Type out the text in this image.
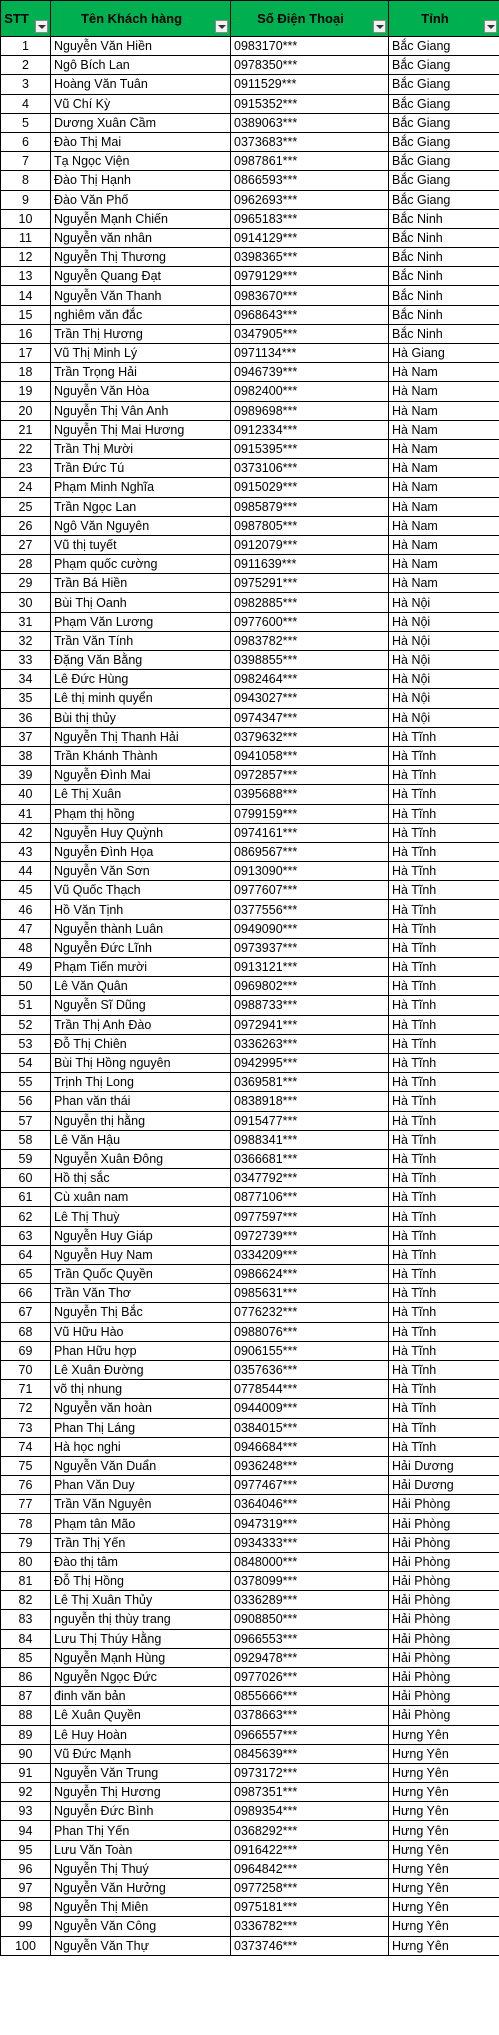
STT	Tên Khách hàng	Số Điện Thoại	Tỉnh

1	Nguyễn Văn Hiền	0983170***	Bắc Giang
2	Ngô Bích Lan	0978350***	Bắc Giang
3	Hoàng Văn Tuân	0911529***	Bắc Giang
4	Vũ Chí Kỳ	0915352***	Bắc Giang
5	Dương Xuân Cầm	0389063***	Bắc Giang
6	Đào Thị Mai	0373683***	Bắc Giang
7	Tạ Ngọc Viện	0987861***	Bắc Giang
8	Đào Thị Hạnh	0866593***	Bắc Giang
9	Đào Văn Phố	0962693***	Bắc Giang
10	Nguyễn Mạnh Chiến	0965183***	Bắc Ninh
11	Nguyễn văn nhân	0914129***	Bắc Ninh
12	Nguyễn Thị Thương	0398365***	Bắc Ninh
13	Nguyễn Quang Đạt	0979129***	Bắc Ninh
14	Nguyễn Văn Thanh	0983670***	Bắc Ninh
15	nghiêm văn đắc	0968643***	Bắc Ninh
16	Trần Thị Hương	0347905***	Bắc Ninh
17	Vũ Thị Minh Lý	0971134***	Hà Giang
18	Trần Trọng Hải	0946739***	Hà Nam
19	Nguyễn Văn Hòa	0982400***	Hà Nam
20	Nguyễn Thị Vân Anh	0989698***	Hà Nam
21	Nguyễn Thị Mai Hương	0912334***	Hà Nam
22	Trần Thị Mười	0915395***	Hà Nam
23	Trần Đức Tú	0373106***	Hà Nam
24	Phạm Minh Nghĩa	0915029***	Hà Nam
25	Trần Ngọc Lan	0985879***	Hà Nam
26	Ngô Văn Nguyên	0987805***	Hà Nam
27	Vũ thị tuyết	0912079***	Hà Nam
28	Phạm quốc cường	0911639***	Hà Nam
29	Trần Bá Hiền	0975291***	Hà Nam
30	Bùi Thị Oanh	0982885***	Hà Nội
31	Phạm Văn Lương	0977600***	Hà Nội
32	Trần Văn Tính	0983782***	Hà Nội
33	Đặng Văn Bằng	0398855***	Hà Nội
34	Lê Đức Hùng	0982464***	Hà Nội
35	Lê thị minh quyển	0943027***	Hà Nội
36	Bùi thị thủy	0974347***	Hà Nội
37	Nguyễn Thị Thanh Hải	0379632***	Hà Tĩnh
38	Trần Khánh Thành	0941058***	Hà Tĩnh
39	Nguyễn Đình Mai	0972857***	Hà Tĩnh
40	Lê Thị Xuân	0395688***	Hà Tĩnh
41	Phạm thị hồng	0799159***	Hà Tĩnh
42	Nguyễn Huy Quỳnh	0974161***	Hà Tĩnh
43	Nguyễn Đình Họa	0869567***	Hà Tĩnh
44	Nguyễn Văn Sơn	0913090***	Hà Tĩnh
45	Vũ Quốc Thạch	0977607***	Hà Tĩnh
46	Hồ Văn Tịnh	0377556***	Hà Tĩnh
47	Nguyễn thành Luân	0949090***	Hà Tĩnh
48	Nguyễn Đức Lĩnh	0973937***	Hà Tĩnh
49	Phạm Tiến mười	0913121***	Hà Tĩnh
50	Lê Văn Quân	0969802***	Hà Tĩnh
51	Nguyễn Sĩ Dũng	0988733***	Hà Tĩnh
52	Trần Thị Anh Đào	0972941***	Hà Tĩnh
53	Đỗ Thị Chiên	0336263***	Hà Tĩnh
54	Bùi Thị Hồng nguyên	0942995***	Hà Tĩnh
55	Trịnh Thị Long	0369581***	Hà Tĩnh
56	Phan văn thái	0838918***	Hà Tĩnh
57	Nguyễn thị hằng	0915477***	Hà Tĩnh
58	Lê Văn Hậu	0988341***	Hà Tĩnh
59	Nguyễn Xuân Đông	0366681***	Hà Tĩnh
60	Hồ thị sắc	0347792***	Hà Tĩnh
61	Cù xuân nam	0877106***	Hà Tĩnh
62	Lê Thị Thuỳ	0977597***	Hà Tĩnh
63	Nguyễn Huy Giáp	0972739***	Hà Tĩnh
64	Nguyễn Huy Nam	0334209***	Hà Tĩnh
65	Trần Quốc Quyền	0986624***	Hà Tĩnh
66	Trần Văn Thơ	0985631***	Hà Tĩnh
67	Nguyễn Thị Bắc	0776232***	Hà Tĩnh
68	Vũ Hữu Hào	0988076***	Hà Tĩnh
69	Phan Hữu hợp	0906155***	Hà Tĩnh
70	Lê Xuân Đường	0357636***	Hà Tĩnh
71	võ thị nhung	0778544***	Hà Tĩnh
72	Nguyễn văn hoàn	0944009***	Hà Tĩnh
73	Phan Thị Láng	0384015***	Hà Tĩnh
74	Hà học nghi	0946684***	Hà Tĩnh
75	Nguyễn Văn Duẩn	0936248***	Hải Dương
76	Phan Văn Duy	0977467***	Hải Dương
77	Trần Văn Nguyên	0364046***	Hải Phòng
78	Phạm tân Mão	0947319***	Hải Phòng
79	Trần Thị Yến	0934333***	Hải Phòng
80	Đào thị tâm	0848000***	Hải Phòng
81	Đỗ Thị Hồng	0378099***	Hải Phòng
82	Lê Thị Xuân Thủy	0336289***	Hải Phòng
83	nguyễn thị thùy trang	0908850***	Hải Phòng
84	Lưu Thị Thúy Hằng	0966553***	Hải Phòng
85	Nguyễn Mạnh Hùng	0929478***	Hải Phòng
86	Nguyễn Ngọc Đức	0977026***	Hải Phòng
87	đinh văn bản	0855666***	Hải Phòng
88	Lê Xuân Quyền	0378663***	Hải Phòng
89	Lê Huy Hoàn	0966557***	Hưng Yên
90	Vũ Đức Mạnh	0845639***	Hưng Yên
91	Nguyễn Văn Trung	0973172***	Hưng Yên
92	Nguyễn Thị Hương	0987351***	Hưng Yên
93	Nguyễn Đức Bình	0989354***	Hưng Yên
94	Phan Thị Yến	0368292***	Hưng Yên
95	Lưu Văn Toàn	0916422***	Hưng Yên
96	Nguyễn Thị Thuý	0964842***	Hưng Yên
97	Nguyễn Văn Hưởng	0977258***	Hưng Yên
98	Nguyễn Thị Miên	0975181***	Hưng Yên
99	Nguyễn Văn Công	0336782***	Hưng Yên
100	Nguyễn Văn Thự	0373746***	Hưng Yên
